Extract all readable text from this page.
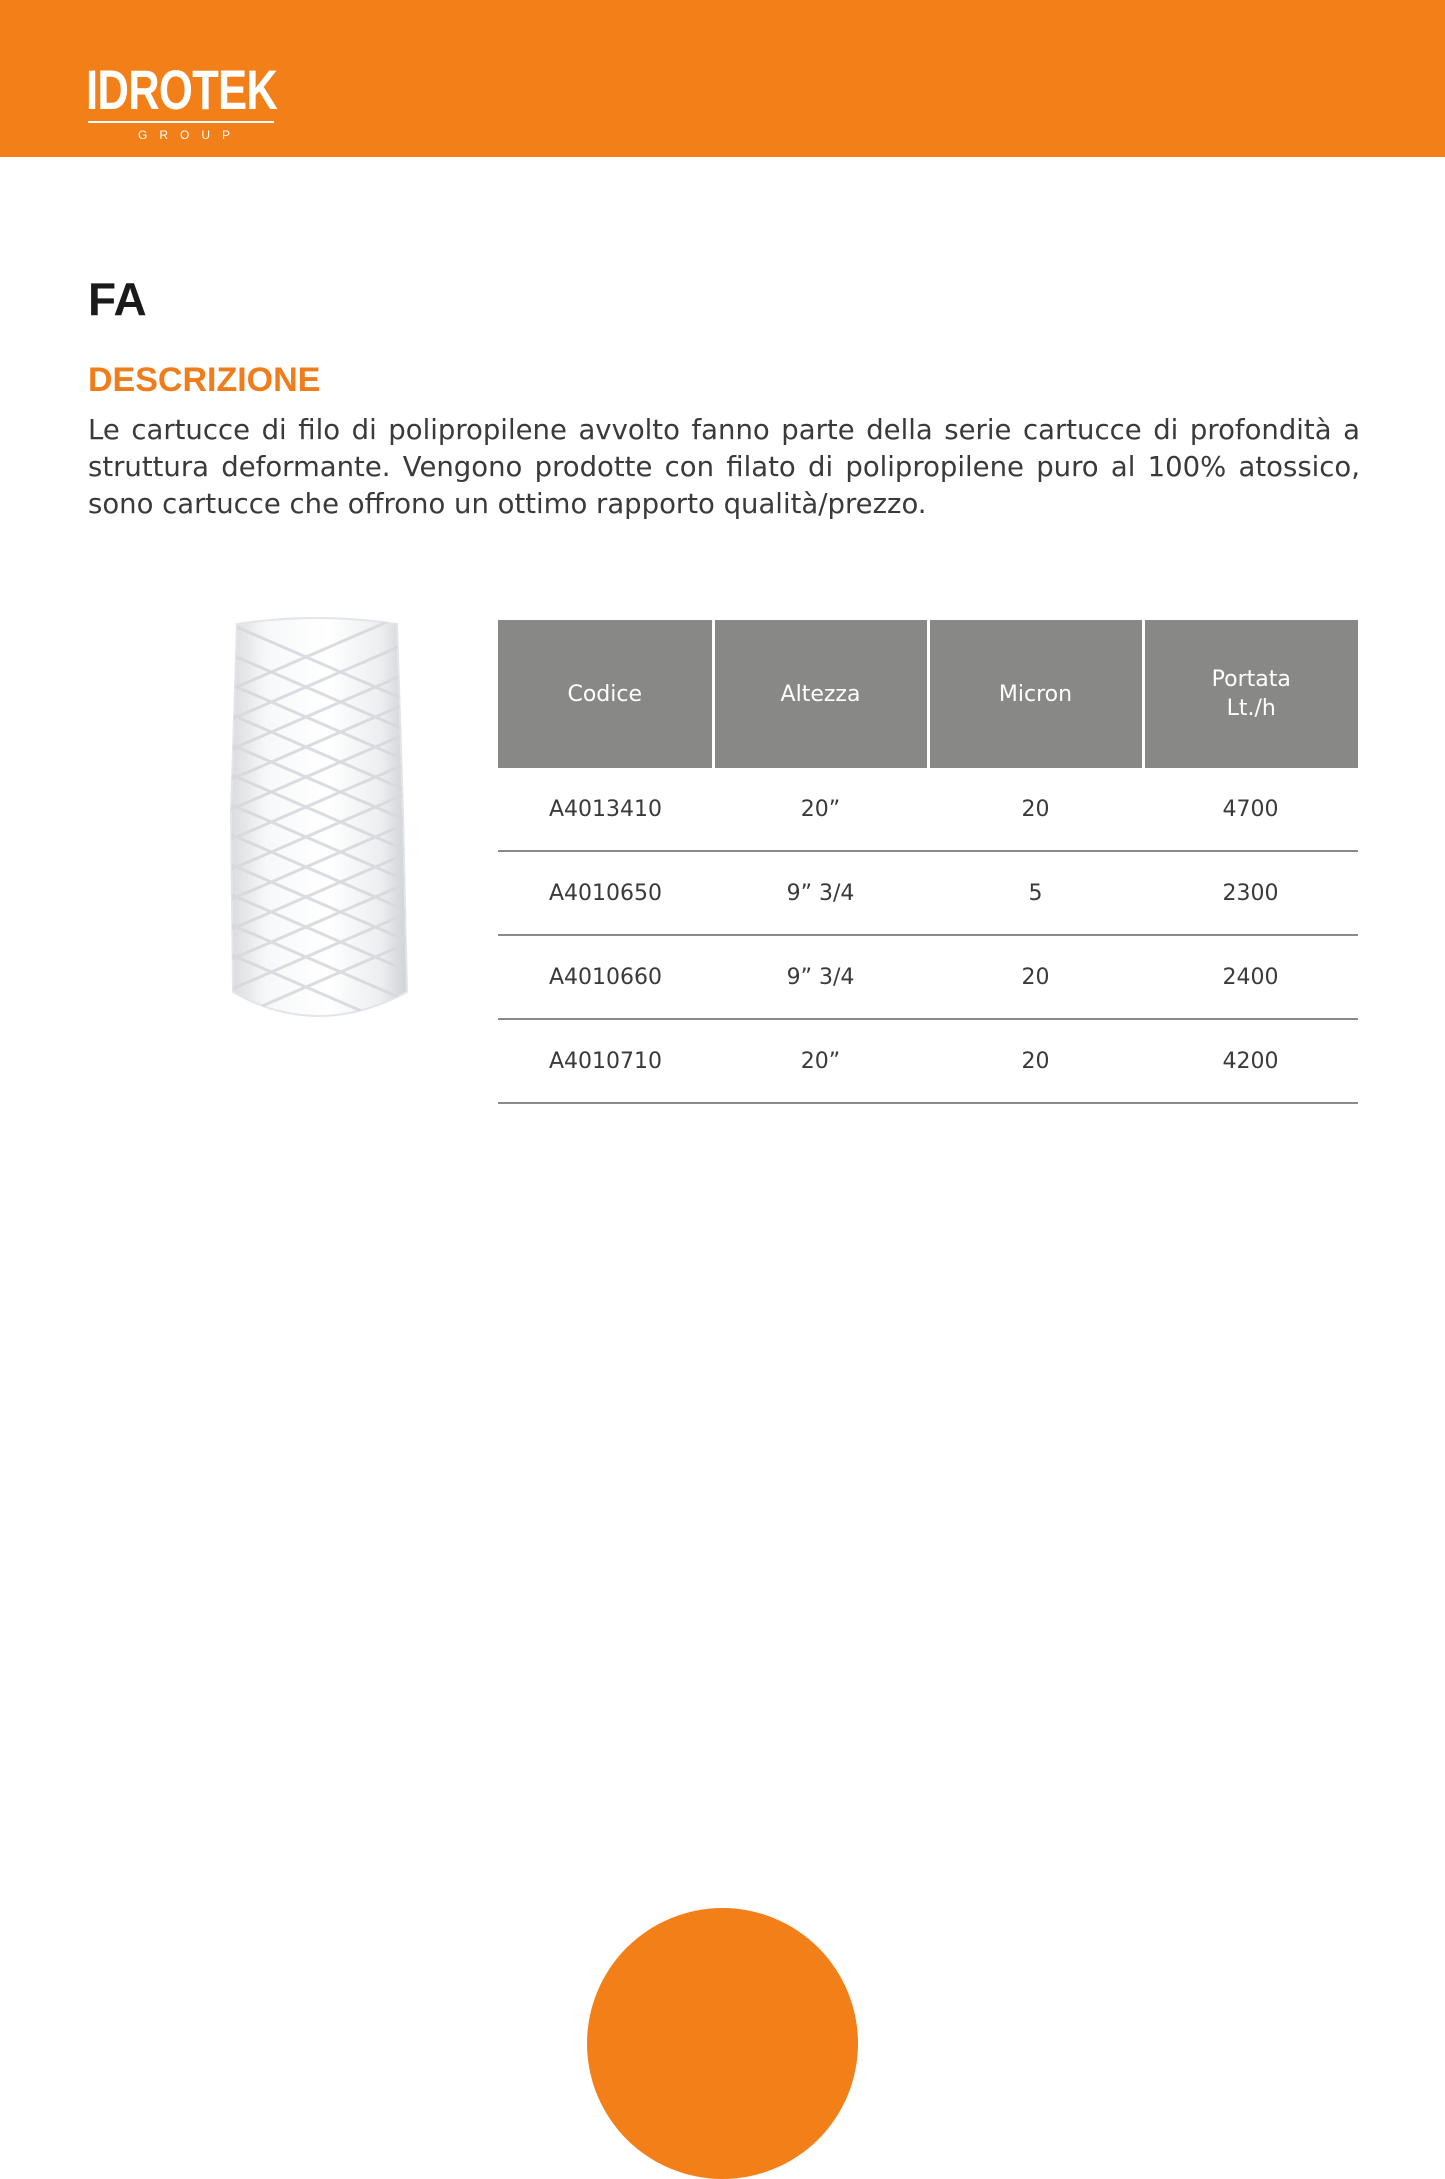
IDROTEK
GROUP
FA
DESCRIZIONE

Le cartucce di filo di polipropilene avvolto fanno parte della serie cartucce di profondità a struttura deformante. Vengono prodotte con filato di polipropilene puro al 100% atossico, sono cartucce che offrono un ottimo rapporto qualità/prezzo.

Codice	Altezza	Micron	Portata
Lt./h

A4013410	20”	20	4700
A4010650	9” 3/4	5	2300
A4010660	9” 3/4	20	2400
A4010710	20”	20	4200
